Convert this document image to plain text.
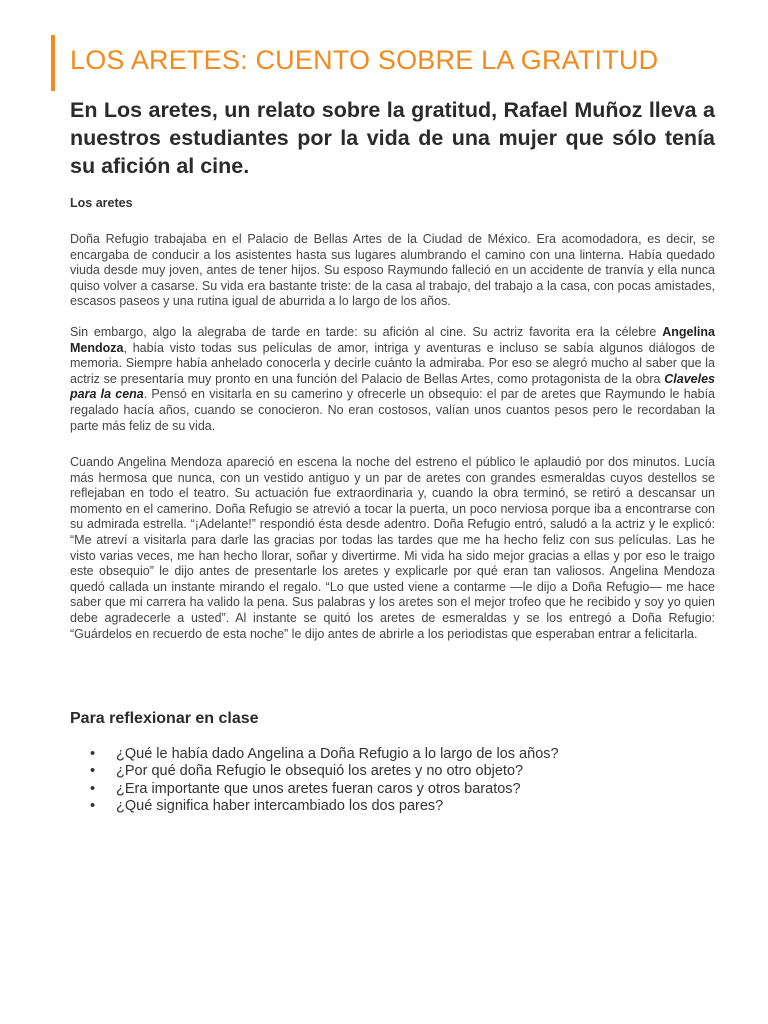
LOS ARETES: CUENTO SOBRE LA GRATITUD

En Los aretes, un relato sobre la gratitud, Rafael Muñoz lleva a nuestros estudiantes por la vida de una mujer que sólo tenía su afición al cine.

Los aretes

Doña Refugio trabajaba en el Palacio de Bellas Artes de la Ciudad de México. Era acomodadora, es decir, se encargaba de conducir a los asistentes hasta sus lugares alumbrando el camino con una linterna. Había quedado viuda desde muy joven, antes de tener hijos. Su esposo Raymundo falleció en un accidente de tranvía y ella nunca quiso volver a casarse. Su vida era bastante triste: de la casa al trabajo, del trabajo a la casa, con pocas amistades, escasos paseos y una rutina igual de aburrida a lo largo de los años.

Sin embargo, algo la alegraba de tarde en tarde: su afición al cine. Su actriz favorita era la célebre Angelina Mendoza, había visto todas sus películas de amor, intriga y aventuras e incluso se sabía algunos diálogos de memoria. Siempre había anhelado conocerla y decirle cuánto la admiraba. Por eso se alegró mucho al saber que la actriz se presentaría muy pronto en una función del Palacio de Bellas Artes, como protagonista de la obra Claveles para la cena. Pensó en visitarla en su camerino y ofrecerle un obsequio: el par de aretes que Raymundo le había regalado hacía años, cuando se conocieron. No eran costosos, valían unos cuantos pesos pero le recordaban la parte más feliz de su vida.

Cuando Angelina Mendoza apareció en escena la noche del estreno el público le aplaudió por dos minutos. Lucía más hermosa que nunca, con un vestido antiguo y un par de aretes con grandes esmeraldas cuyos destellos se reflejaban en todo el teatro. Su actuación fue extraordinaria y, cuando la obra terminó, se retiró a descansar un momento en el camerino. Doña Refugio se atrevió a tocar la puerta, un poco nerviosa porque iba a encontrarse con su admirada estrella. “¡Adelante!” respondió ésta desde adentro. Doña Refugio entró, saludó a la actriz y le explicó: “Me atreví a visitarla para darle las gracias por todas las tardes que me ha hecho feliz con sus películas. Las he visto varias veces, me han hecho llorar, soñar y divertirme. Mi vida ha sido mejor gracias a ellas y por eso le traigo este obsequio” le dijo antes de presentarle los aretes y explicarle por qué eran tan valiosos. Angelina Mendoza quedó callada un instante mirando el regalo. “Lo que usted viene a contarme —le dijo a Doña Refugio— me hace saber que mi carrera ha valido la pena. Sus palabras y los aretes son el mejor trofeo que he recibido y soy yo quien debe agradecerle a usted”. Al instante se quitó los aretes de esmeraldas y se los entregó a Doña Refugio: “Guárdelos en recuerdo de esta noche” le dijo antes de abrirle a los periodistas que esperaban entrar a felicitarla.

Para reflexionar en clase
• ¿Qué le había dado Angelina a Doña Refugio a lo largo de los años?
• ¿Por qué doña Refugio le obsequió los aretes y no otro objeto?
• ¿Era importante que unos aretes fueran caros y otros baratos?
• ¿Qué significa haber intercambiado los dos pares?
